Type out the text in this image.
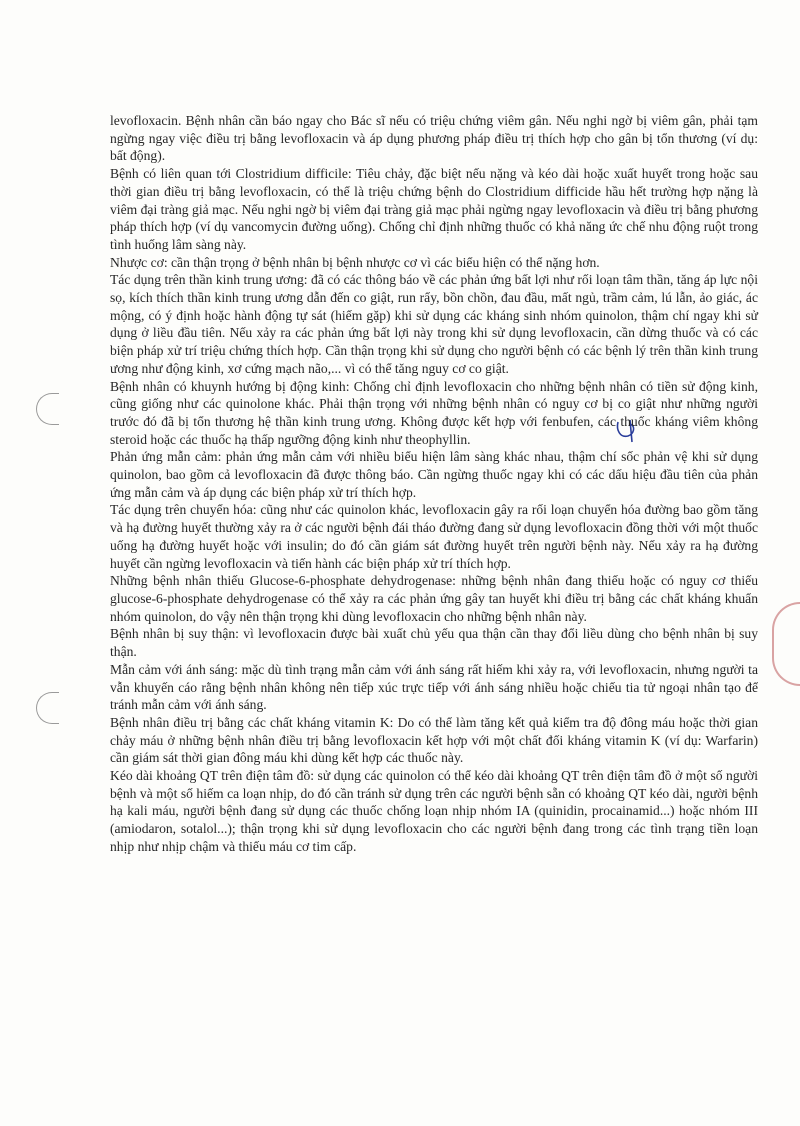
levofloxacin. Bệnh nhân cần báo ngay cho Bác sĩ nếu có triệu chứng viêm gân. Nếu nghi ngờ bị viêm gân, phải tạm ngừng ngay việc điều trị bằng levofloxacin và áp dụng phương pháp điều trị thích hợp cho gân bị tổn thương (ví dụ: bất động).

Bệnh có liên quan tới Clostridium difficile: Tiêu chảy, đặc biệt nếu nặng và kéo dài hoặc xuất huyết trong hoặc sau thời gian điều trị bằng levofloxacin, có thể là triệu chứng bệnh do Clostridium difficide hầu hết trường hợp nặng là viêm đại tràng giả mạc. Nếu nghi ngờ bị viêm đại tràng giả mạc phải ngừng ngay levofloxacin và điều trị bằng phương pháp thích hợp (ví dụ vancomycin đường uống). Chống chỉ định những thuốc có khả năng ức chế nhu động ruột trong tình huống lâm sàng này.

Nhược cơ: cần thận trọng ở bệnh nhân bị bệnh nhược cơ vì các biểu hiện có thể nặng hơn.

Tác dụng trên thần kinh trung ương: đã có các thông báo về các phản ứng bất lợi như rối loạn tâm thần, tăng áp lực nội sọ, kích thích thần kinh trung ương dẫn đến co giật, run rẩy, bồn chồn, đau đầu, mất ngủ, trầm cảm, lú lẫn, ảo giác, ác mộng, có ý định hoặc hành động tự sát (hiếm gặp) khi sử dụng các kháng sinh nhóm quinolon, thậm chí ngay khi sử dụng ở liều đầu tiên. Nếu xảy ra các phản ứng bất lợi này trong khi sử dụng levofloxacin, cần dừng thuốc và có các biện pháp xử trí triệu chứng thích hợp. Cần thận trọng khi sử dụng cho người bệnh có các bệnh lý trên thần kinh trung ương như động kinh, xơ cứng mạch não,... vì có thể tăng nguy cơ co giật.

Bệnh nhân có khuynh hướng bị động kinh: Chống chỉ định levofloxacin cho những bệnh nhân có tiền sử động kinh, cũng giống như các quinolone khác. Phải thận trọng với những bệnh nhân có nguy cơ bị co giật như những người trước đó đã bị tổn thương hệ thần kinh trung ương. Không được kết hợp với fenbufen, các thuốc kháng viêm không steroid hoặc các thuốc hạ thấp ngưỡng động kinh như theophyllin.

Phản ứng mẫn cảm: phản ứng mẫn cảm với nhiều biểu hiện lâm sàng khác nhau, thậm chí sốc phản vệ khi sử dụng quinolon, bao gồm cả levofloxacin đã được thông báo. Cần ngừng thuốc ngay khi có các dấu hiệu đầu tiên của phản ứng mẫn cảm và áp dụng các biện pháp xử trí thích hợp.

Tác dụng trên chuyển hóa: cũng như các quinolon khác, levofloxacin gây ra rối loạn chuyển hóa đường bao gồm tăng và hạ đường huyết thường xảy ra ở các người bệnh đái tháo đường đang sử dụng levofloxacin đồng thời với một thuốc uống hạ đường huyết hoặc với insulin; do đó cần giám sát đường huyết trên người bệnh này. Nếu xảy ra hạ đường huyết cần ngừng levofloxacin và tiến hành các biện pháp xử trí thích hợp.

Những bệnh nhân thiếu Glucose-6-phosphate dehydrogenase: những bệnh nhân đang thiếu hoặc có nguy cơ thiếu glucose-6-phosphate dehydrogenase có thể xảy ra các phản ứng gây tan huyết khi điều trị bằng các chất kháng khuẩn nhóm quinolon, do vậy nên thận trọng khi dùng levofloxacin cho những bệnh nhân này.

Bệnh nhân bị suy thận: vì levofloxacin được bài xuất chủ yếu qua thận cần thay đổi liều dùng cho bệnh nhân bị suy thận.

Mẫn cảm với ánh sáng: mặc dù tình trạng mẫn cảm với ánh sáng rất hiếm khi xảy ra, với levofloxacin, nhưng người ta vẫn khuyến cáo rằng bệnh nhân không nên tiếp xúc trực tiếp với ánh sáng nhiều hoặc chiếu tia tử ngoại nhân tạo để tránh mẫn cảm với ánh sáng.

Bệnh nhân điều trị bằng các chất kháng vitamin K: Do có thể làm tăng kết quả kiểm tra độ đông máu hoặc thời gian chảy máu ở những bệnh nhân điều trị bằng levofloxacin kết hợp với một chất đối kháng vitamin K (ví dụ: Warfarin) cần giám sát thời gian đông máu khi dùng kết hợp các thuốc này.

Kéo dài khoảng QT trên điện tâm đồ: sử dụng các quinolon có thể kéo dài khoảng QT trên điện tâm đồ ở một số người bệnh và một số hiếm ca loạn nhịp, do đó cần tránh sử dụng trên các người bệnh sẵn có khoảng QT kéo dài, người bệnh hạ kali máu, người bệnh đang sử dụng các thuốc chống loạn nhịp nhóm IA (quinidin, procainamid...) hoặc nhóm III (amiodaron, sotalol...); thận trọng khi sử dụng levofloxacin cho các người bệnh đang trong các tình trạng tiền loạn nhịp như nhịp chậm và thiếu máu cơ tim cấp.
